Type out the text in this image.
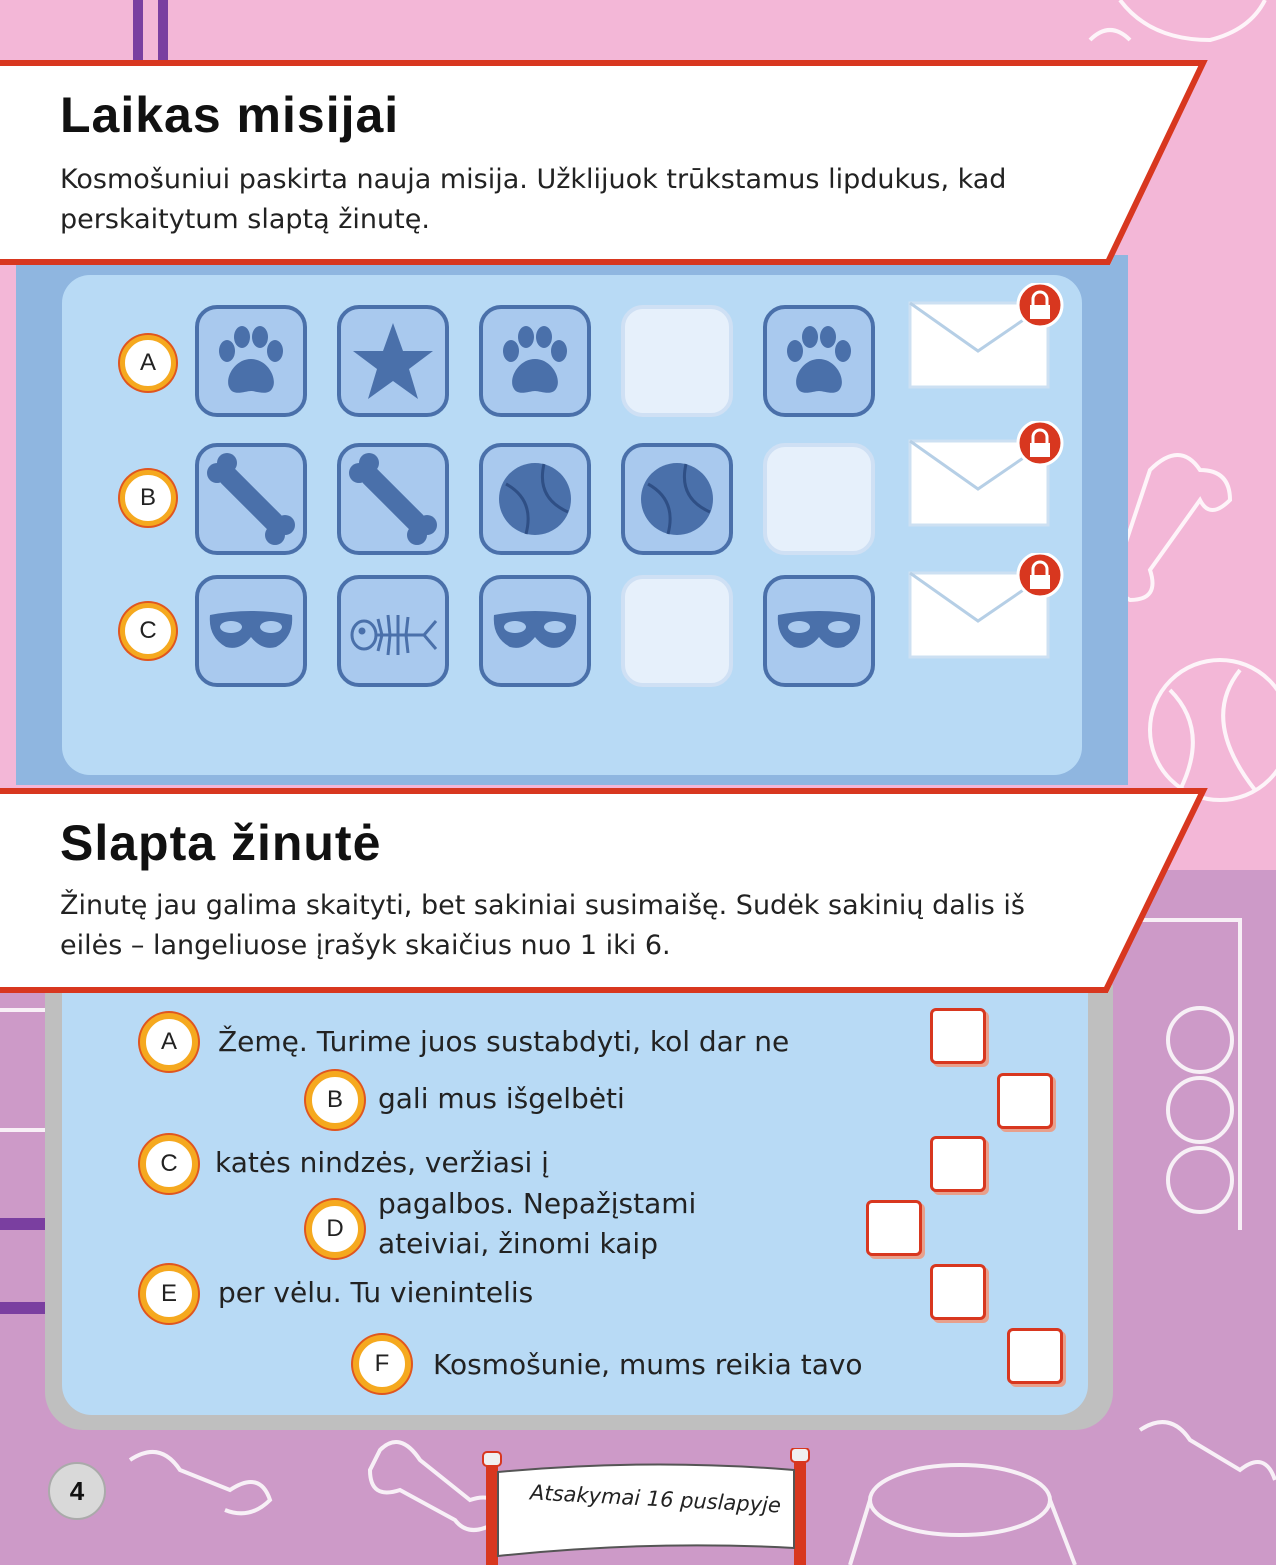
Laikas misijai
Kosmošuniui paskirta nauja misija. Užklijuok trūkstamus lipdukus, kad perskaitytum slaptą žinutę.
A
B
C
Slapta žinutė
Žinutę jau galima skaityti, bet sakiniai susimaišę. Sudėk sakinių dalis iš eilės – langeliuose įrašyk skaičius nuo 1 iki 6.
A	Žemę. Turime juos sustabdyti, kol dar ne
B	gali mus išgelbėti
C	katės nindzės, veržiasi į
D
pagalbos. Nepažįstami
ateiviai, žinomi kaip
E	per vėlu. Tu vienintelis
F	Kosmošunie, mums reikia tavo
4	Atsakymai 16 puslapyje
